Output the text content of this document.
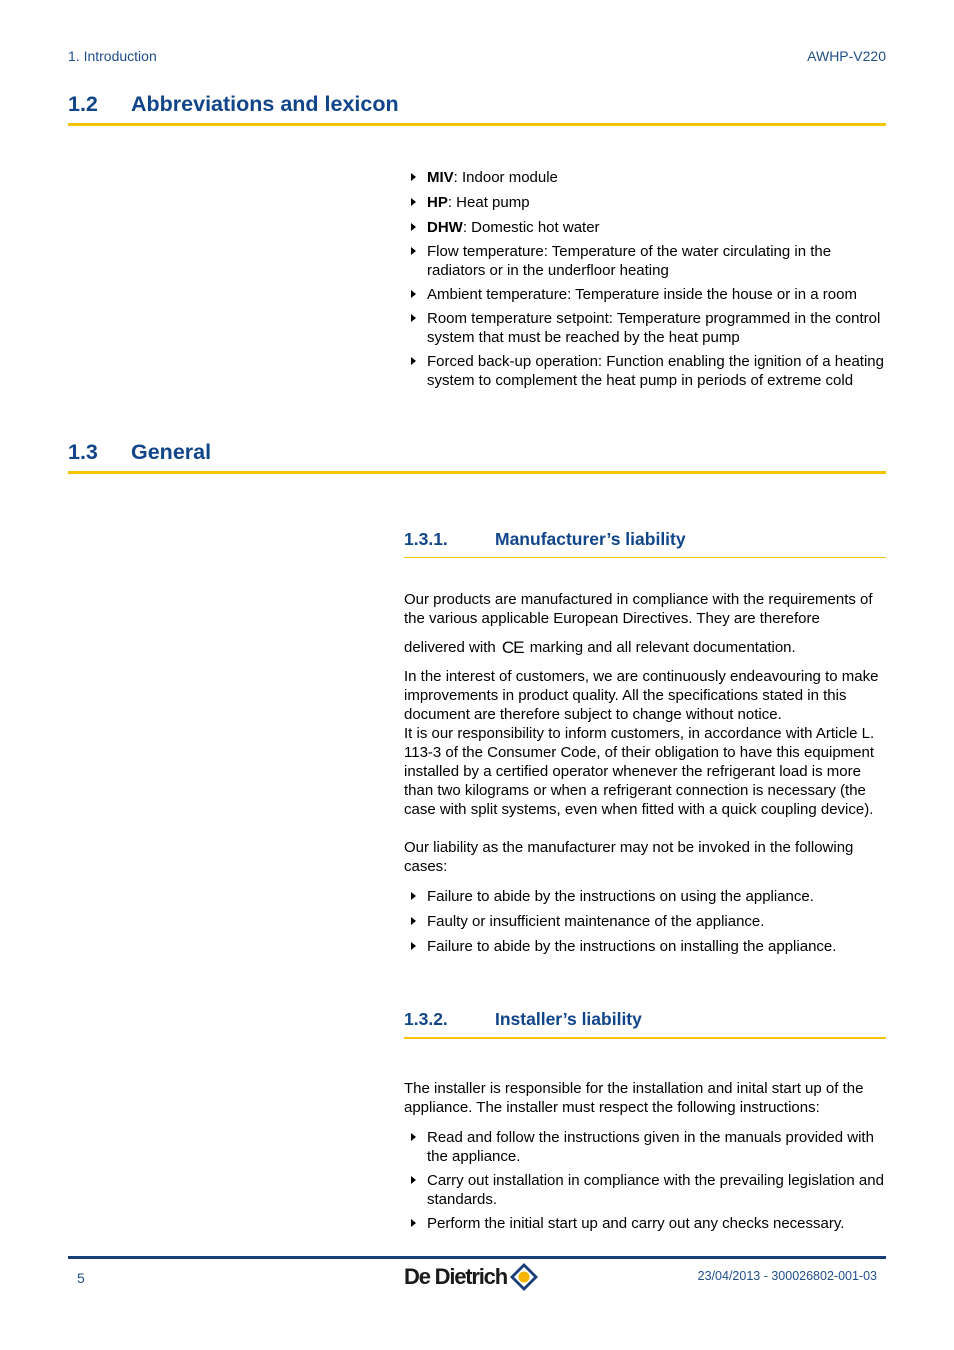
1. Introduction	AWHP-V220
1.2 Abbreviations and lexicon
MIV: Indoor module
HP: Heat pump
DHW: Domestic hot water
Flow temperature: Temperature of the water circulating in the radiators or in the underfloor heating
Ambient temperature: Temperature inside the house or in a room
Room temperature setpoint: Temperature programmed in the control system that must be reached by the heat pump
Forced back-up operation: Function enabling the ignition of a heating system to complement the heat pump in periods of extreme cold
1.3 General
1.3.1.	Manufacturer’s liability

Our products are manufactured in compliance with the requirements of the various applicable European Directives. They are therefore

delivered with CE marking and all relevant documentation.

In the interest of customers, we are continuously endeavouring to make improvements in product quality. All the specifications stated in this document are therefore subject to change without notice.

It is our responsibility to inform customers, in accordance with Article L. 113-3 of the Consumer Code, of their obligation to have this equipment installed by a certified operator whenever the refrigerant load is more than two kilograms or when a refrigerant connection is necessary (the case with split systems, even when fitted with a quick coupling device).

Our liability as the manufacturer may not be invoked in the following cases:

Failure to abide by the instructions on using the appliance.
Faulty or insufficient maintenance of the appliance.
Failure to abide by the instructions on installing the appliance.
1.3.2.	Installer’s liability

The installer is responsible for the installation and inital start up of the appliance. The installer must respect the following instructions:

Read and follow the instructions given in the manuals provided with the appliance.
Carry out installation in compliance with the prevailing legislation and standards.
Perform the initial start up and carry out any checks necessary.
5	De Dietrich	23/04/2013 - 300026802-001-03
